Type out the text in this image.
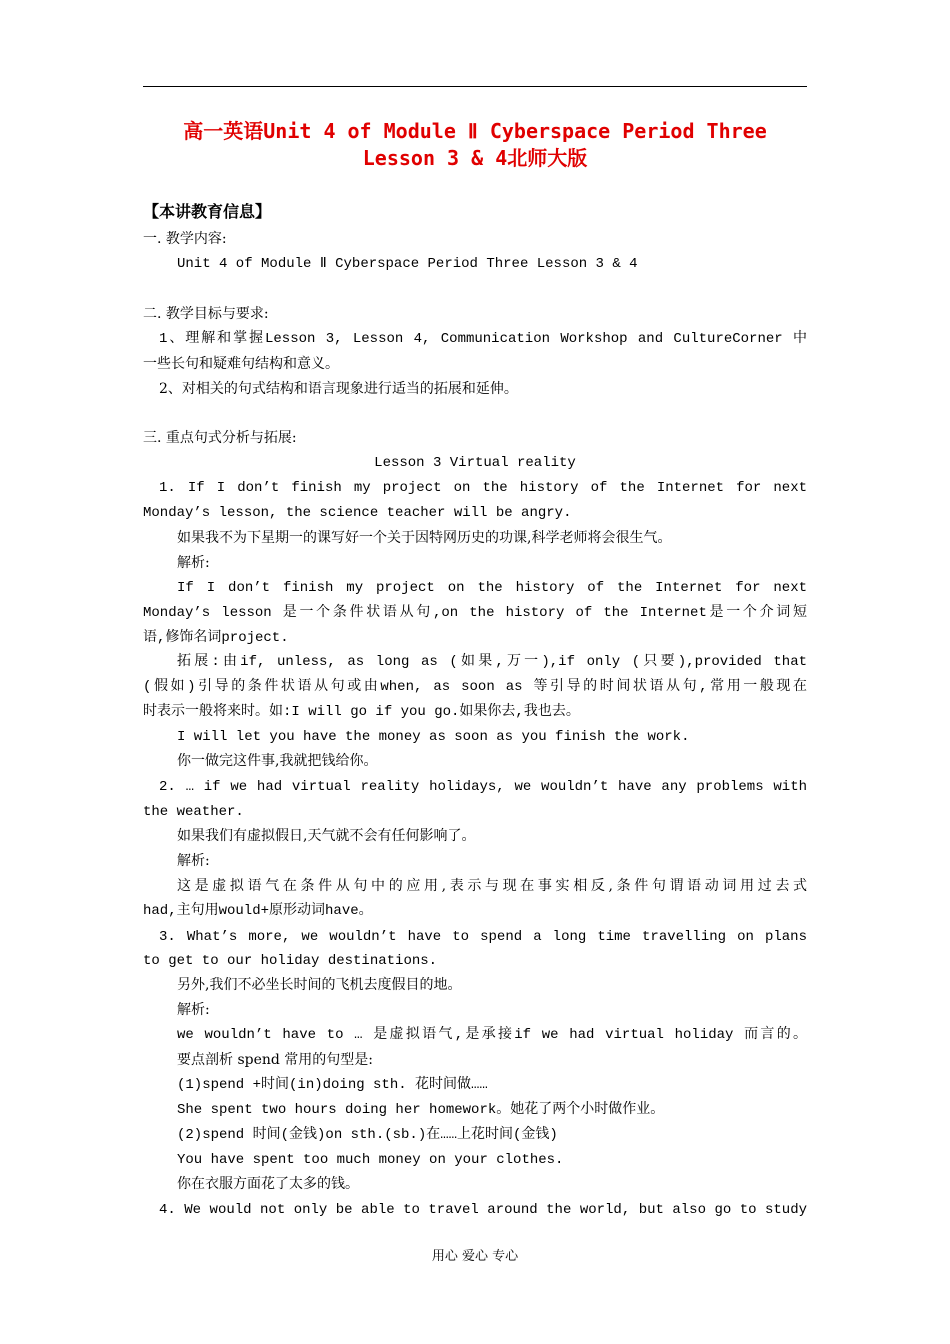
高一英语Unit 4 of Module Ⅱ Cyberspace Period Three
Lesson 3 & 4北师大版
【本讲教育信息】
一. 教学内容:
Unit 4 of Module Ⅱ Cyberspace Period Three Lesson 3 & 4
二. 教学目标与要求:
1、理解和掌握Lesson 3, Lesson 4, Communication Workshop and CultureCorner 中
一些长句和疑难句结构和意义。
2、对相关的句式结构和语言现象进行适当的拓展和延伸。
三. 重点句式分析与拓展:
Lesson 3 Virtual reality
1. If I don’t finish my project on the history of the Internet for next
Monday’s lesson, the science teacher will be angry.
如果我不为下星期一的课写好一个关于因特网历史的功课,科学老师将会很生气。
解析:
If I don’t finish my project on the history of the Internet for next
Monday’s lesson 是一个条件状语从句,on the history of the Internet是一个介词短
语,修饰名词project.
拓展:由if, unless, as long as (如果,万一),if only (只要),provided that
(假如)引导的条件状语从句或由when, as soon as 等引导的时间状语从句,常用一般现在
时表示一般将来时。如:I will go if you go.如果你去,我也去。
I will let you have the money as soon as you finish the work.
你一做完这件事,我就把钱给你。
2. … if we had virtual reality holidays, we wouldn’t have any problems with
the weather.
如果我们有虚拟假日,天气就不会有任何影响了。
解析:
这是虚拟语气在条件从句中的应用,表示与现在事实相反,条件句谓语动词用过去式
had,主句用would+原形动词have。
3. What’s more, we wouldn’t have to spend a long time travelling on plans
to get to our holiday destinations.
另外,我们不必坐长时间的飞机去度假目的地。
解析:
we wouldn’t have to … 是虚拟语气,是承接if we had virtual holiday 而言的。
要点剖析 spend 常用的句型是:
(1)spend +时间(in)doing sth. 花时间做……
She spent two hours doing her homework。她花了两个小时做作业。
(2)spend 时间(金钱)on sth.(sb.)在……上花时间(金钱)
You have spent too much money on your clothes.
你在衣服方面花了太多的钱。
4. We would not only be able to travel around the world, but also go to study
用心 爱心 专心
